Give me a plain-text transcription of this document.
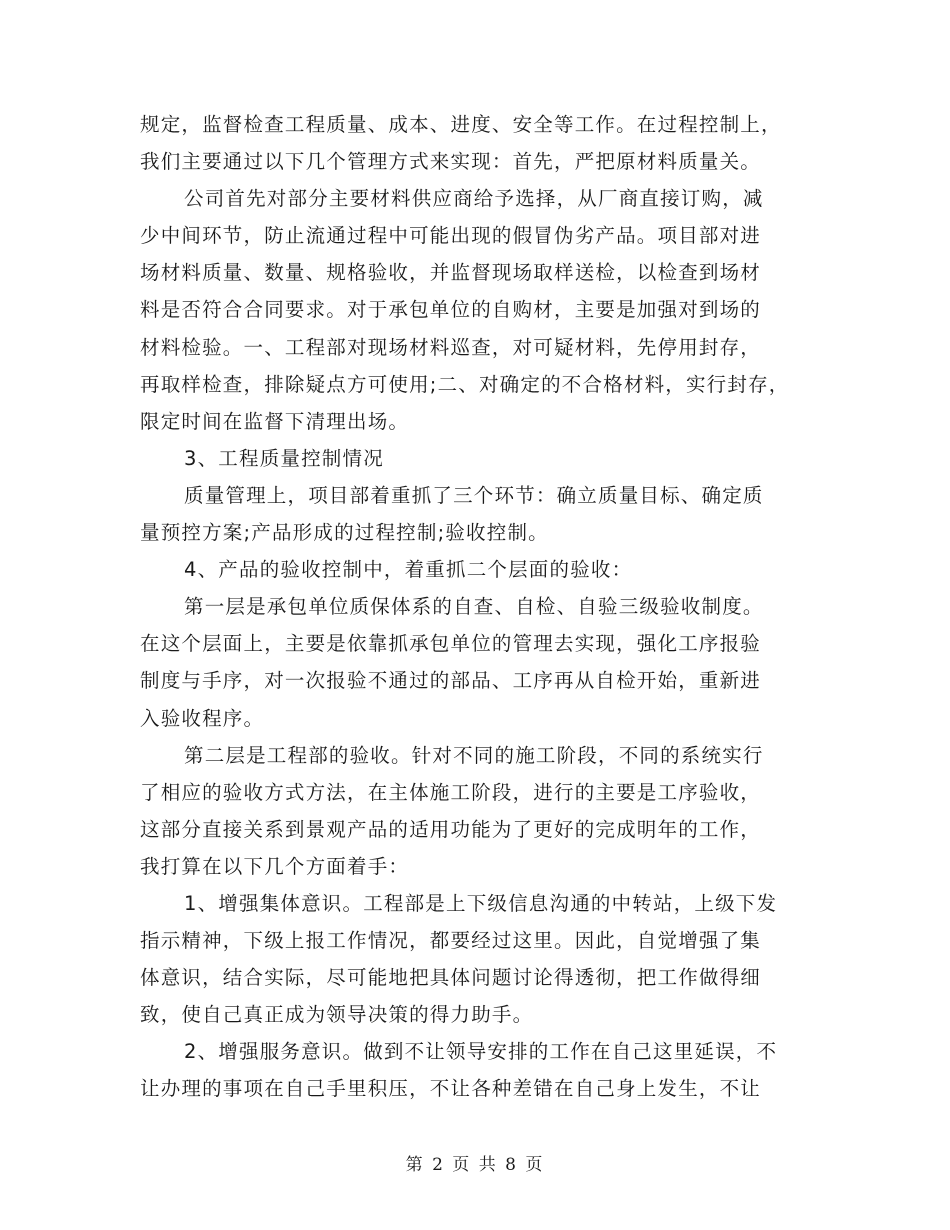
规定，监督检查工程质量、成本、进度、安全等工作。在过程控制上，
我们主要通过以下几个管理方式来实现：首先，严把原材料质量关。
公司首先对部分主要材料供应商给予选择，从厂商直接订购，减
少中间环节，防止流通过程中可能出现的假冒伪劣产品。项目部对进
场材料质量、数量、规格验收，并监督现场取样送检，以检查到场材
料是否符合合同要求。对于承包单位的自购材，主要是加强对到场的
材料检验。一、工程部对现场材料巡查，对可疑材料，先停用封存，
再取样检查，排除疑点方可使用;二、对确定的不合格材料，实行封存，
限定时间在监督下清理出场。
3、工程质量控制情况
质量管理上，项目部着重抓了三个环节：确立质量目标、确定质
量预控方案;产品形成的过程控制;验收控制。
4、产品的验收控制中，着重抓二个层面的验收：
第一层是承包单位质保体系的自查、自检、自验三级验收制度。
在这个层面上，主要是依靠抓承包单位的管理去实现，强化工序报验
制度与手序，对一次报验不通过的部品、工序再从自检开始，重新进
入验收程序。
第二层是工程部的验收。针对不同的施工阶段，不同的系统实行
了相应的验收方式方法，在主体施工阶段，进行的主要是工序验收，
这部分直接关系到景观产品的适用功能为了更好的完成明年的工作，
我打算在以下几个方面着手：
1、增强集体意识。工程部是上下级信息沟通的中转站，上级下发
指示精神，下级上报工作情况，都要经过这里。因此，自觉增强了集
体意识，结合实际，尽可能地把具体问题讨论得透彻，把工作做得细
致，使自己真正成为领导决策的得力助手。
2、增强服务意识。做到不让领导安排的工作在自己这里延误，不
让办理的事项在自己手里积压，不让各种差错在自己身上发生，不让
第 2 页 共 8 页
